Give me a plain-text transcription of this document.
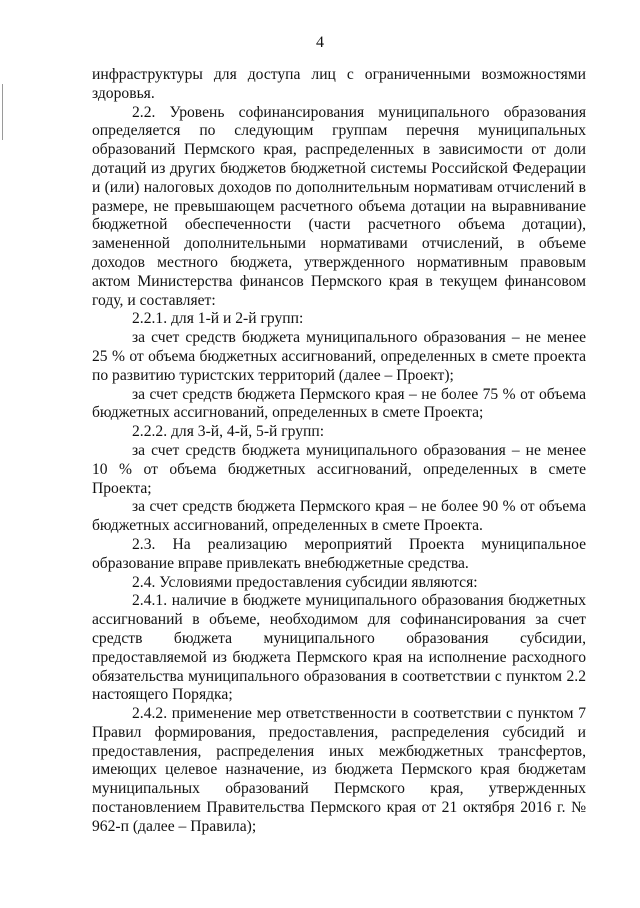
4

инфраструктуры для доступа лиц с ограниченными возможностями здоровья.

2.2. Уровень софинансирования муниципального образования определяется по следующим группам перечня муниципальных образований Пермского края, распределенных в зависимости от доли дотаций из других бюджетов бюджетной системы Российской Федерации и (или) налоговых доходов по дополнительным нормативам отчислений в размере, не превышающем расчетного объема дотации на выравнивание бюджетной обеспеченности (части расчетного объема дотации), замененной дополнительными нормативами отчислений, в объеме доходов местного бюджета, утвержденного нормативным правовым актом Министерства финансов Пермского края в текущем финансовом году, и составляет:

2.2.1. для 1-й и 2-й групп:

за счет средств бюджета муниципального образования – не менее 25 % от объема бюджетных ассигнований, определенных в смете проекта по развитию туристских территорий (далее – Проект);

за счет средств бюджета Пермского края – не более 75 % от объема бюджетных ассигнований, определенных в смете Проекта;

2.2.2. для 3-й, 4-й, 5-й групп:

за счет средств бюджета муниципального образования – не менее 10 % от объема бюджетных ассигнований, определенных в смете Проекта;

за счет средств бюджета Пермского края – не более 90 % от объема бюджетных ассигнований, определенных в смете Проекта.

2.3. На реализацию мероприятий Проекта муниципальное образование вправе привлекать внебюджетные средства.

2.4. Условиями предоставления субсидии являются:

2.4.1. наличие в бюджете муниципального образования бюджетных ассигнований в объеме, необходимом для софинансирования за счет средств бюджета муниципального образования субсидии, предоставляемой из бюджета Пермского края на исполнение расходного обязательства муниципального образования в соответствии с пунктом 2.2 настоящего Порядка;

2.4.2. применение мер ответственности в соответствии с пунктом 7 Правил формирования, предоставления, распределения субсидий и предоставления, распределения иных межбюджетных трансфертов, имеющих целевое назначение, из бюджета Пермского края бюджетам муниципальных образований Пермского края, утвержденных постановлением Правительства Пермского края от 21 октября 2016 г. № 962-п (далее – Правила);
